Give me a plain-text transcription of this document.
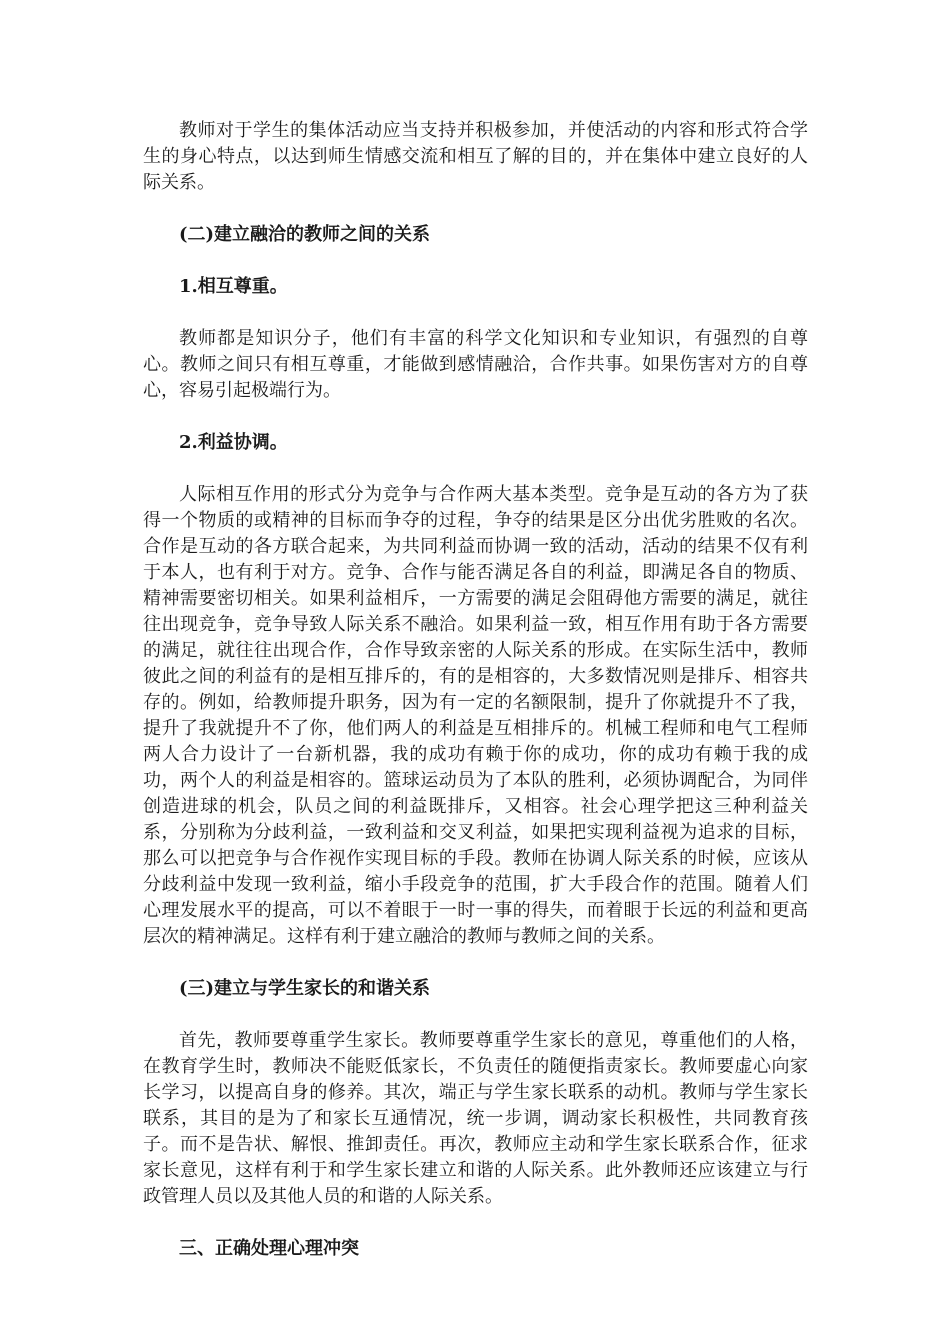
教师对于学生的集体活动应当支持并积极参加，并使活动的内容和形式符合学生的身心特点，以达到师生情感交流和相互了解的目的，并在集体中建立良好的人际关系。

(二)建立融洽的教师之间的关系

1.相互尊重。

教师都是知识分子，他们有丰富的科学文化知识和专业知识，有强烈的自尊心。教师之间只有相互尊重，才能做到感情融洽，合作共事。如果伤害对方的自尊心，容易引起极端行为。

2.利益协调。

人际相互作用的形式分为竞争与合作两大基本类型。竞争是互动的各方为了获得一个物质的或精神的目标而争夺的过程，争夺的结果是区分出优劣胜败的名次。合作是互动的各方联合起来，为共同利益而协调一致的活动，活动的结果不仅有利于本人，也有利于对方。竞争、合作与能否满足各自的利益，即满足各自的物质、精神需要密切相关。如果利益相斥，一方需要的满足会阻碍他方需要的满足，就往往出现竞争，竞争导致人际关系不融洽。如果利益一致，相互作用有助于各方需要的满足，就往往出现合作，合作导致亲密的人际关系的形成。在实际生活中，教师彼此之间的利益有的是相互排斥的，有的是相容的，大多数情况则是排斥、相容共存的。例如，给教师提升职务，因为有一定的名额限制，提升了你就提升不了我，提升了我就提升不了你，他们两人的利益是互相排斥的。机械工程师和电气工程师两人合力设计了一台新机器，我的成功有赖于你的成功，你的成功有赖于我的成功，两个人的利益是相容的。篮球运动员为了本队的胜利，必须协调配合，为同伴创造进球的机会，队员之间的利益既排斥，又相容。社会心理学把这三种利益关系，分别称为分歧利益，一致利益和交叉利益，如果把实现利益视为追求的目标，那么可以把竞争与合作视作实现目标的手段。教师在协调人际关系的时候，应该从分歧利益中发现一致利益，缩小手段竞争的范围，扩大手段合作的范围。随着人们心理发展水平的提高，可以不着眼于一时一事的得失，而着眼于长远的利益和更高层次的精神满足。这样有利于建立融洽的教师与教师之间的关系。

(三)建立与学生家长的和谐关系

首先，教师要尊重学生家长。教师要尊重学生家长的意见，尊重他们的人格，在教育学生时，教师决不能贬低家长，不负责任的随便指责家长。教师要虚心向家长学习，以提高自身的修养。其次，端正与学生家长联系的动机。教师与学生家长联系，其目的是为了和家长互通情况，统一步调，调动家长积极性，共同教育孩子。而不是告状、解恨、推卸责任。再次，教师应主动和学生家长联系合作，征求家长意见，这样有利于和学生家长建立和谐的人际关系。此外教师还应该建立与行政管理人员以及其他人员的和谐的人际关系。

三、正确处理心理冲突
